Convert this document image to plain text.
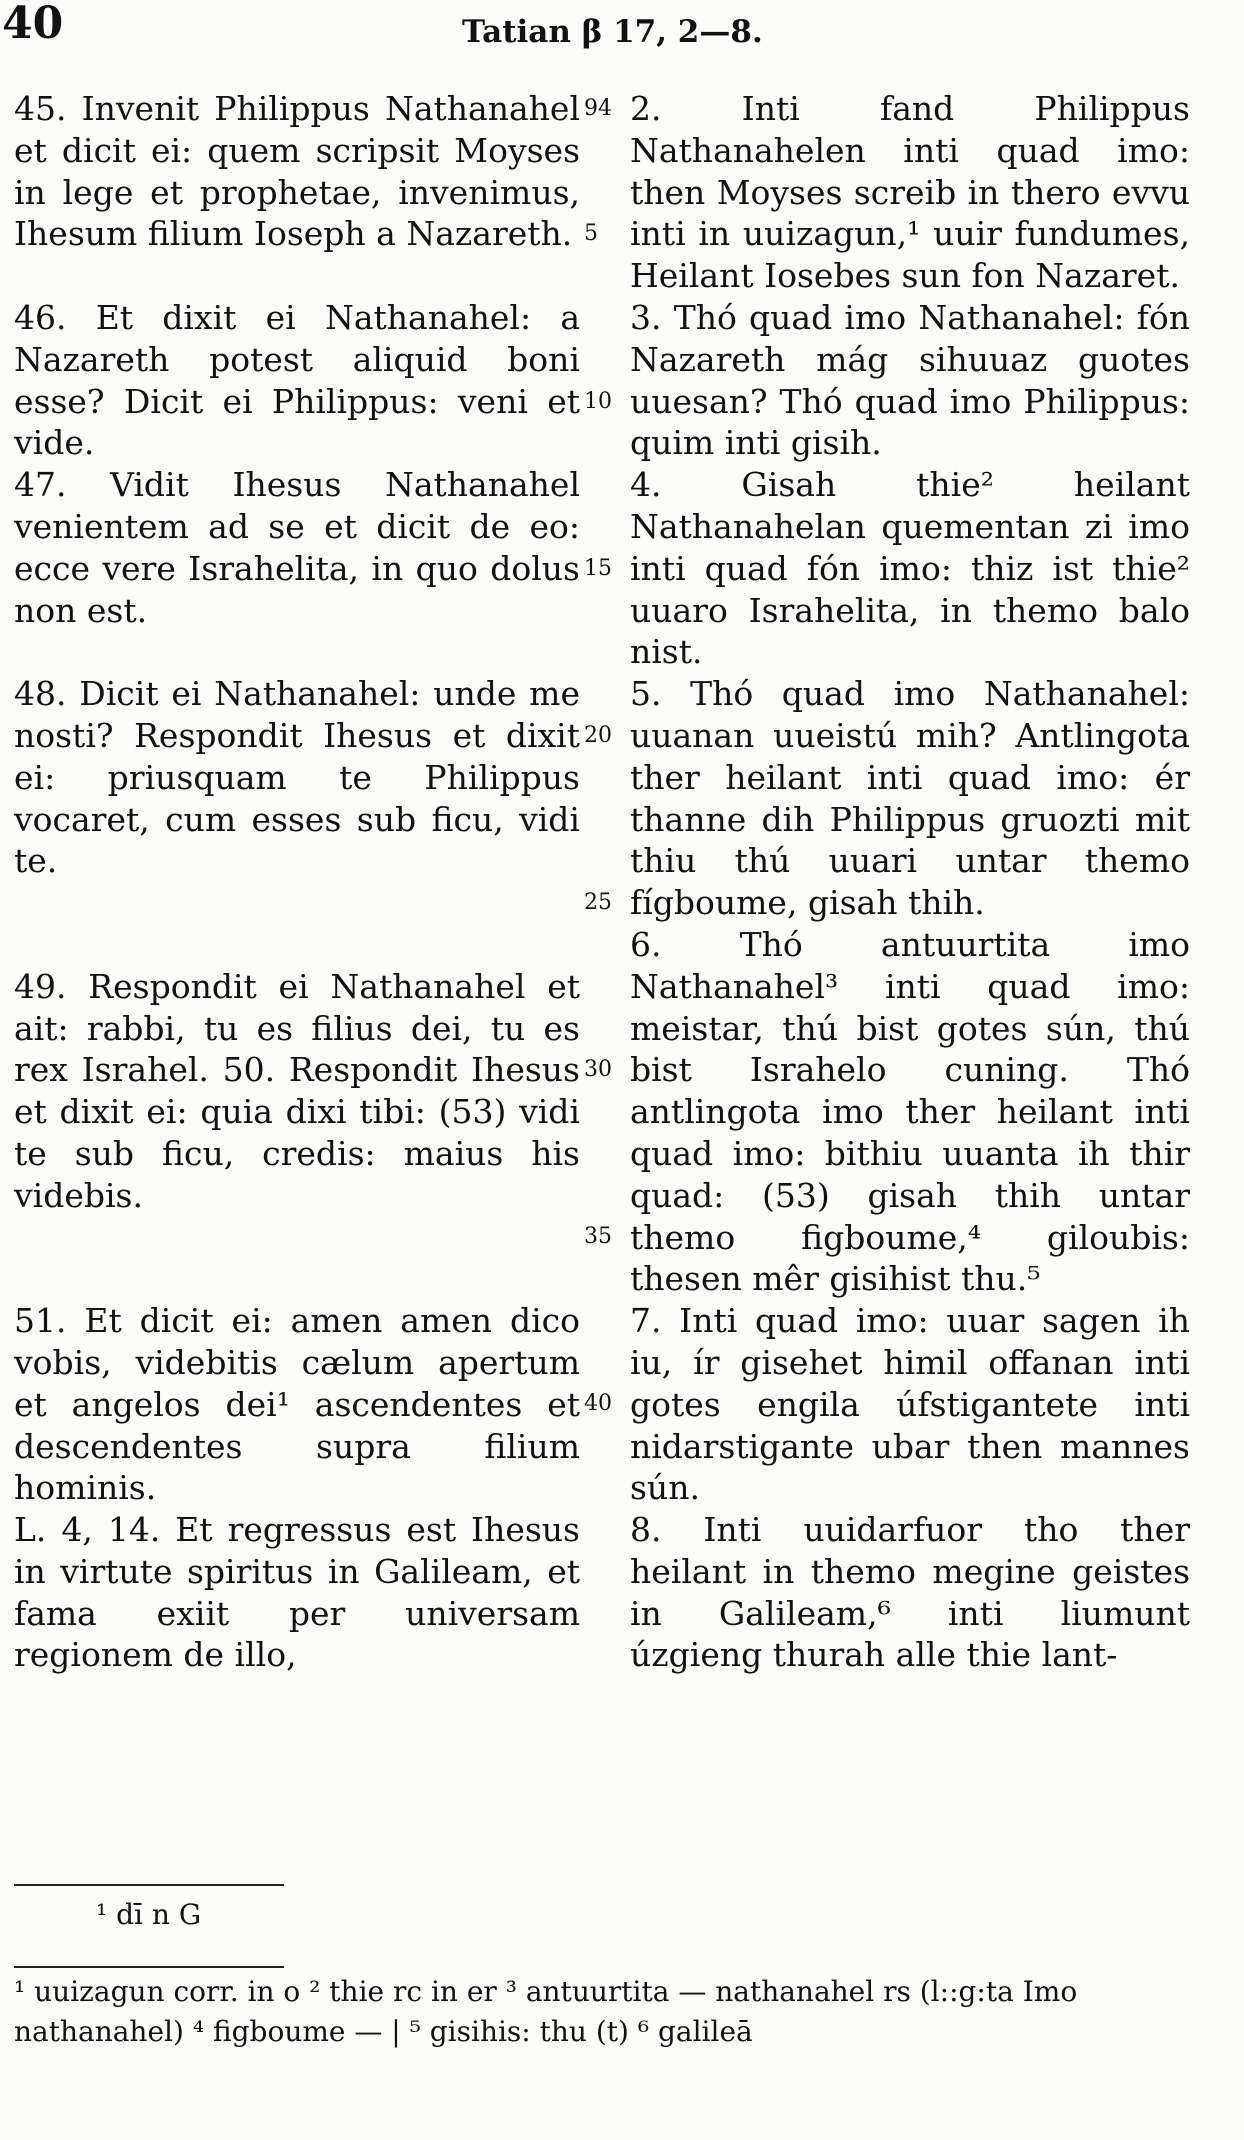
40	Tatian β 17, 2—8.

45. Invenit Philippus Nathanahel et dicit ei: quem scripsit Moyses in lege et prophetae, invenimus, Ihesum filium Ioseph a Nazareth.

46. Et dixit ei Nathanahel: a Nazareth potest aliquid boni esse? Dicit ei Philippus: veni et vide.

47. Vidit Ihesus Nathanahel venientem ad se et dicit de eo: ecce vere Israhelita, in quo dolus non est.

48. Dicit ei Nathanahel: unde me nosti? Respondit Ihesus et dixit ei: priusquam te Philippus vocaret, cum esses sub ficu, vidi te.

49. Respondit ei Nathanahel et ait: rabbi, tu es filius dei, tu es rex Israhel. 50. Respondit Ihesus et dixit ei: quia dixi tibi: (53) vidi te sub ficu, credis: maius his videbis.

51. Et dicit ei: amen amen dico vobis, videbitis cælum apertum et angelos dei¹ ascendentes et descendentes supra filium hominis.

L. 4, 14. Et regressus est Ihesus in virtute spiritus in Galileam, et fama exiit per universam regionem de illo,

94
5
10
15
20
25
30
35
40

2. Inti fand Philippus Nathanahelen inti quad imo: then Moyses screib in thero evvu inti in uuizagun,¹ uuir fundumes, Heilant Iosebes sun fon Nazaret.

3. Thó quad imo Nathanahel: fón Nazareth mág sihuuaz guotes uuesan? Thó quad imo Philippus: quim inti gisih.

4. Gisah thie² heilant Nathanahelan quementan zi imo inti quad fón imo: thiz ist thie² uuaro Israhelita, in themo balo nist.

5. Thó quad imo Nathanahel: uuanan uueistú mih? Antlingota ther heilant inti quad imo: ér thanne dih Philippus gruozti mit thiu thú uuari untar themo fígboume, gisah thih.

6. Thó antuurtita imo Nathanahel³ inti quad imo: meistar, thú bist gotes sún, thú bist Israhelo cuning. Thó antlingota imo ther heilant inti quad imo: bithiu uuanta ih thir quad: (53) gisah thih untar themo figboume,⁴ giloubis: thesen mêr gisihist thu.⁵

7. Inti quad imo: uuar sagen ih iu, ír gisehet himil offanan inti gotes engila úfstigantete inti nidarstigante ubar then mannes sún.

8. Inti uuidarfuor tho ther heilant in themo megine geistes in Galileam,⁶ inti liumunt úzgieng thurah alle thie lant-

¹ dī n G
¹ uuizagun corr. in o ² thie rc in er ³ antuurtita — nathanahel rs (l::g:ta Imo nathanahel) ⁴ figboume — | ⁵ gisihis: thu (t) ⁶ galileā
